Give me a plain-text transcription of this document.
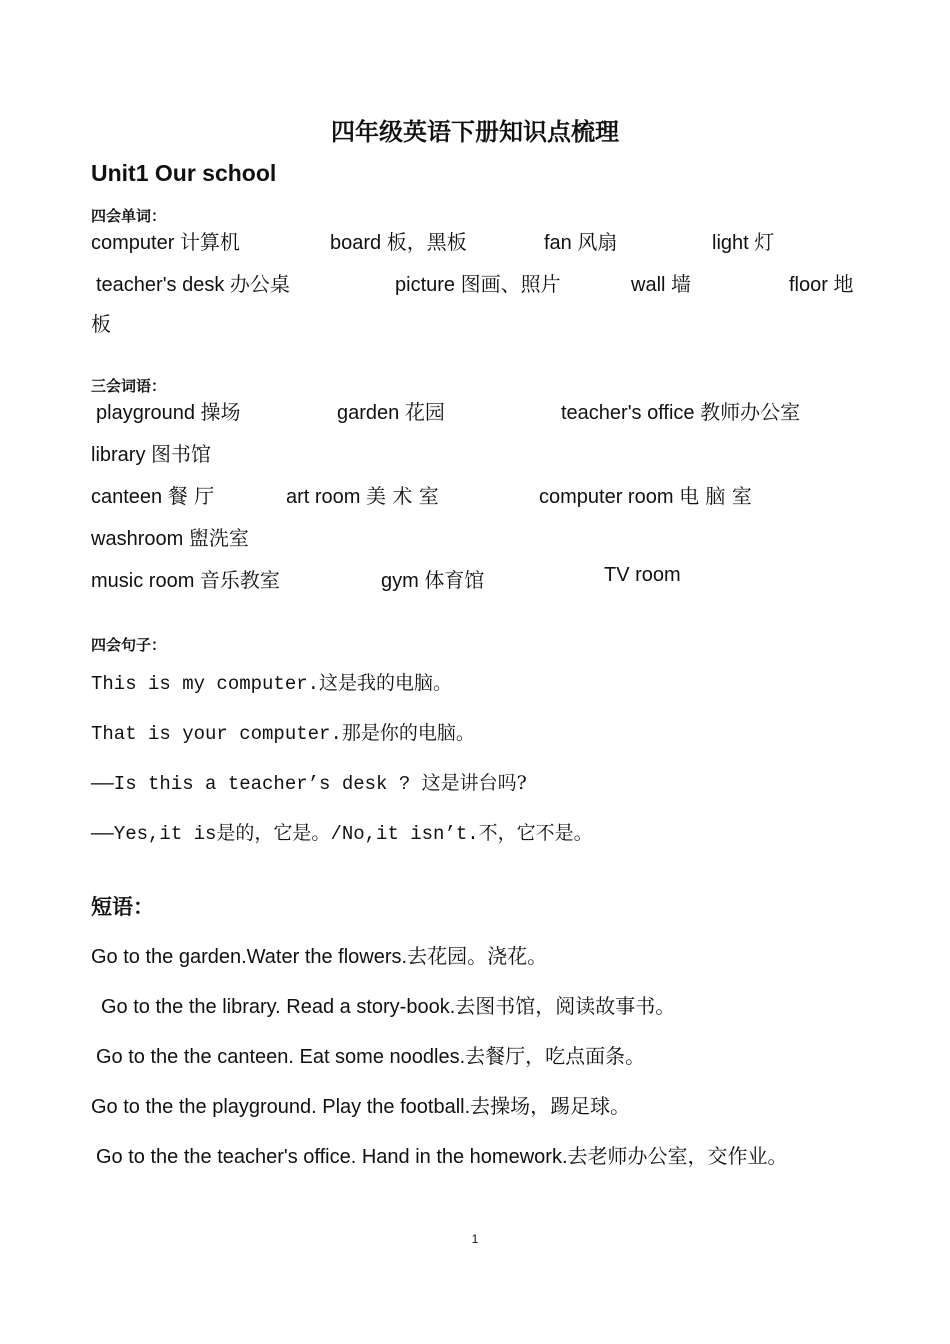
四年级英语下册知识点梳理
Unit1 Our school
四会单词：
computer 计算机	board 板，黑板	fan 风扇	light 灯
teacher's desk 办公桌	picture 图画、照片	wall 墙	floor 地
板
三会词语：
playground 操场	garden 花园	teacher's office 教师办公室
library 图书馆
canteen 餐 厅	art room 美 术 室	computer room 电 脑 室
washroom 盥洗室
music room 音乐教室	gym 体育馆	TV room
四会句子：
This is my computer.这是我的电脑。
That is your computer.那是你的电脑。
——Is this a teacher’s desk ? 这是讲台吗?
——Yes,it is是的，它是。/No,it isn’t.不，它不是。
短语：
Go to the garden.Water the flowers.去花园。浇花。
Go to the the library. Read a story-book.去图书馆，阅读故事书。
Go to the the canteen. Eat some noodles.去餐厅，吃点面条。
Go to the the playground. Play the football.去操场，踢足球。
Go to the the teacher's office. Hand in the homework.去老师办公室，交作业。
1
